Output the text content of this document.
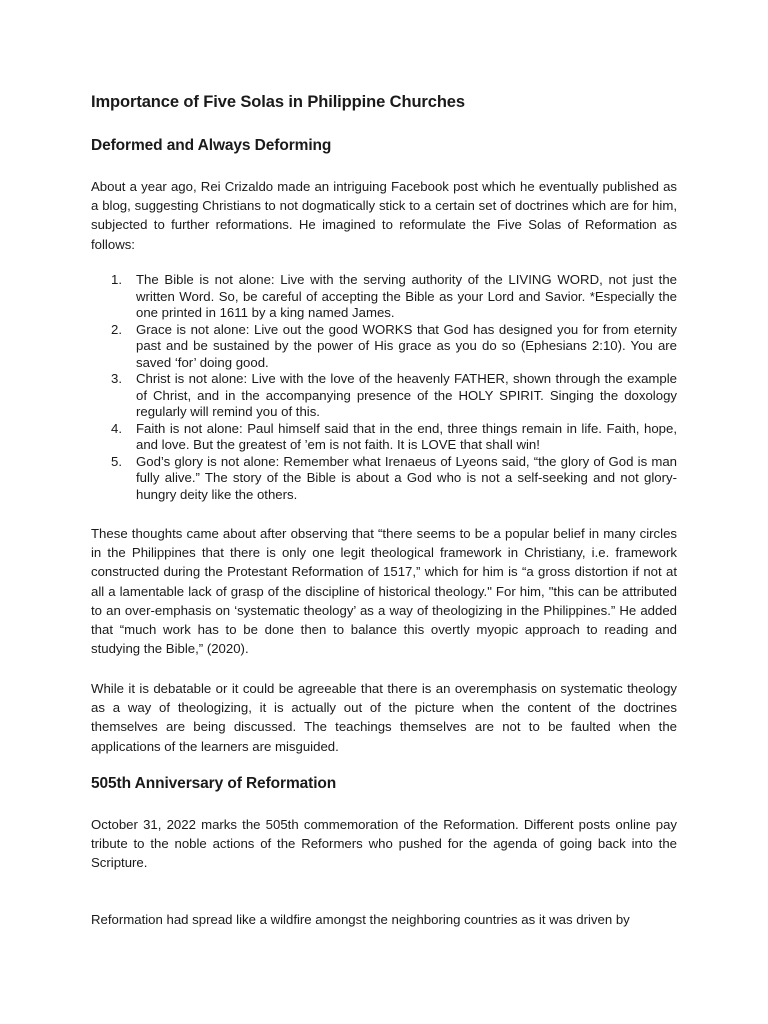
Importance of Five Solas in Philippine Churches
Deformed and Always Deforming

About a year ago, Rei Crizaldo made an intriguing Facebook post which he eventually published as a blog, suggesting Christians to not dogmatically stick to a certain set of doctrines which are for him, subjected to further reformations. He imagined to reformulate the Five Solas of Reformation as follows:

1. The Bible is not alone: Live with the serving authority of the LIVING WORD, not just the written Word. So, be careful of accepting the Bible as your Lord and Savior. *Especially the one printed in 1611 by a king named James.
2. Grace is not alone: Live out the good WORKS that God has designed you for from eternity past and be sustained by the power of His grace as you do so (Ephesians 2:10). You are saved ‘for’ doing good.
3. Christ is not alone: Live with the love of the heavenly FATHER, shown through the example of Christ, and in the accompanying presence of the HOLY SPIRIT. Singing the doxology regularly will remind you of this.
4. Faith is not alone: Paul himself said that in the end, three things remain in life. Faith, hope, and love. But the greatest of ’em is not faith. It is LOVE that shall win!
5. God’s glory is not alone: Remember what Irenaeus of Lyeons said, “the glory of God is man fully alive.” The story of the Bible is about a God who is not a self-seeking and not glory-hungry deity like the others.

These thoughts came about after observing that “there seems to be a popular belief in many circles in the Philippines that there is only one legit theological framework in Christiany, i.e. framework constructed during the Protestant Reformation of 1517,” which for him is “a gross distortion if not at all a lamentable lack of grasp of the discipline of historical theology." For him, "this can be attributed to an over-emphasis on ‘systematic theology’ as a way of theologizing in the Philippines.” He added that “much work has to be done then to balance this overtly myopic approach to reading and studying the Bible,” (2020).

While it is debatable or it could be agreeable that there is an overemphasis on systematic theology as a way of theologizing, it is actually out of the picture when the content of the doctrines themselves are being discussed. The teachings themselves are not to be faulted when the applications of the learners are misguided.

505th Anniversary of Reformation

October 31, 2022 marks the 505th commemoration of the Reformation. Different posts online pay tribute to the noble actions of the Reformers who pushed for the agenda of going back into the Scripture.

Reformation had spread like a wildfire amongst the neighboring countries as it was driven by
